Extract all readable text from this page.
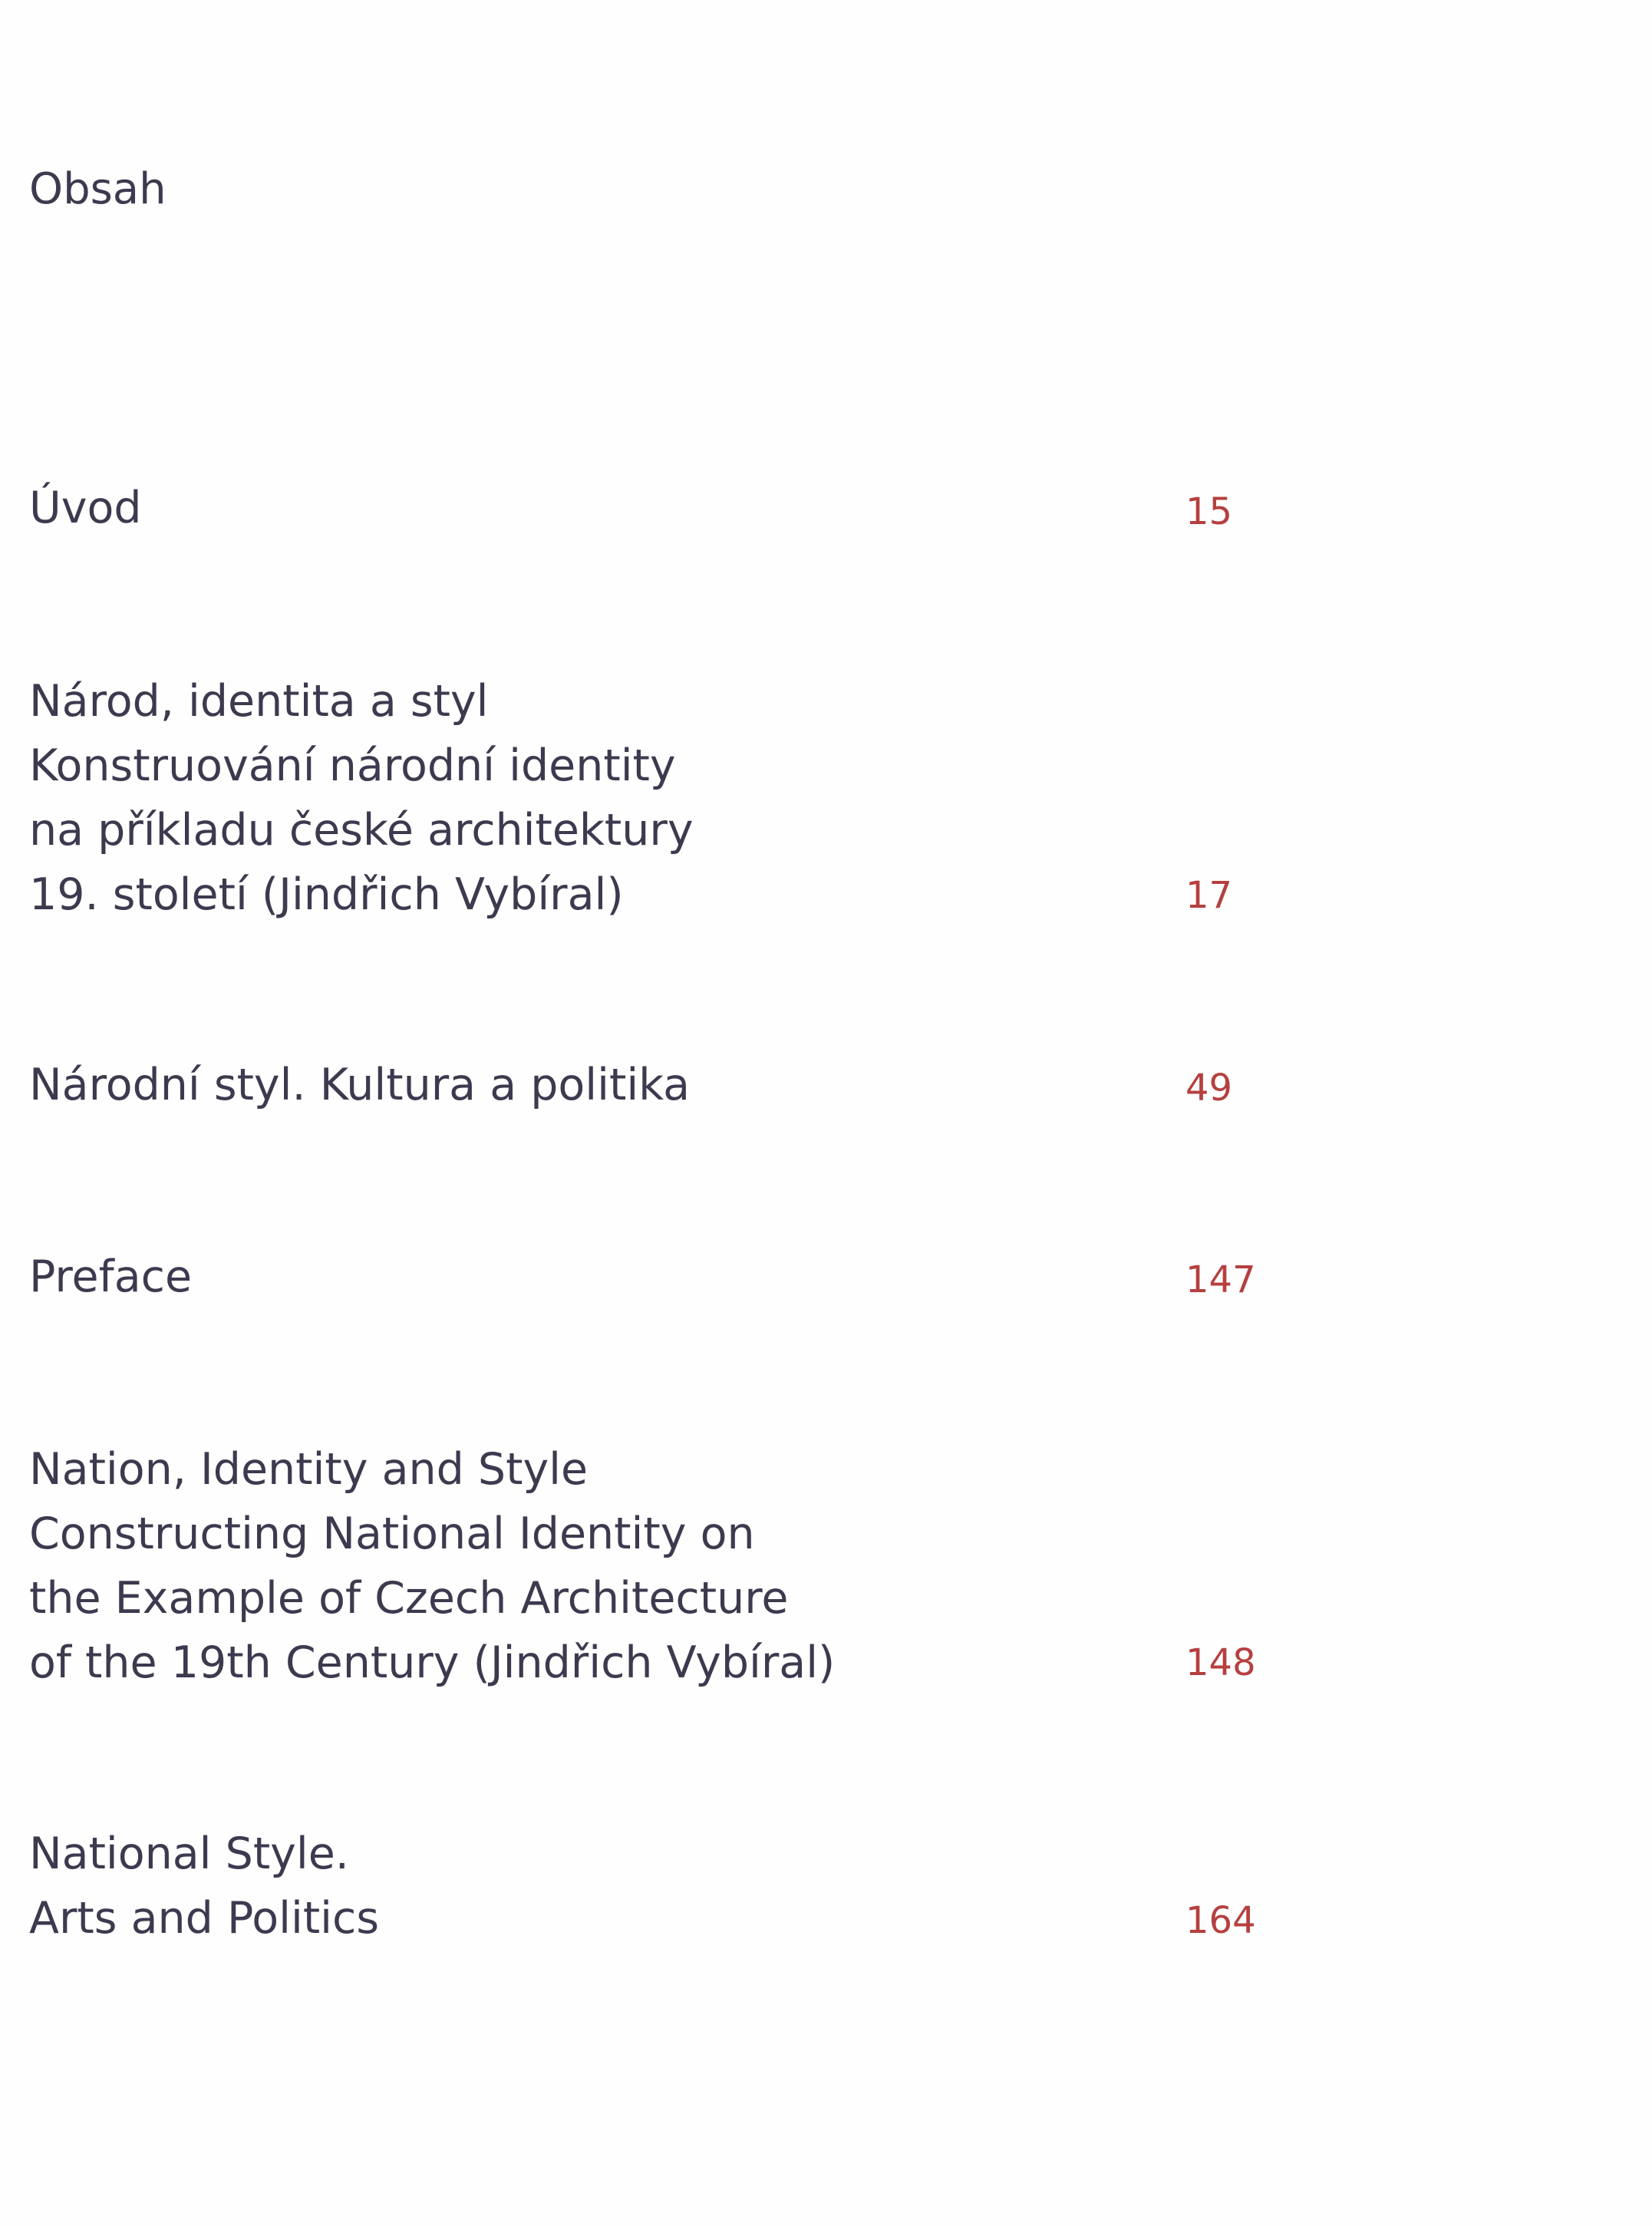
Obsah

Úvod	15

Národ, identita a styl
Konstruování národní identity
na příkladu české architektury
19. století (Jindřich Vybíral)	17

Národní styl. Kultura a politika	49

Preface	147

Nation, Identity and Style
Constructing National Identity on
the Example of Czech Architecture
of the 19th Century (Jindřich Vybíral)	148

National Style.
Arts and Politics	164
